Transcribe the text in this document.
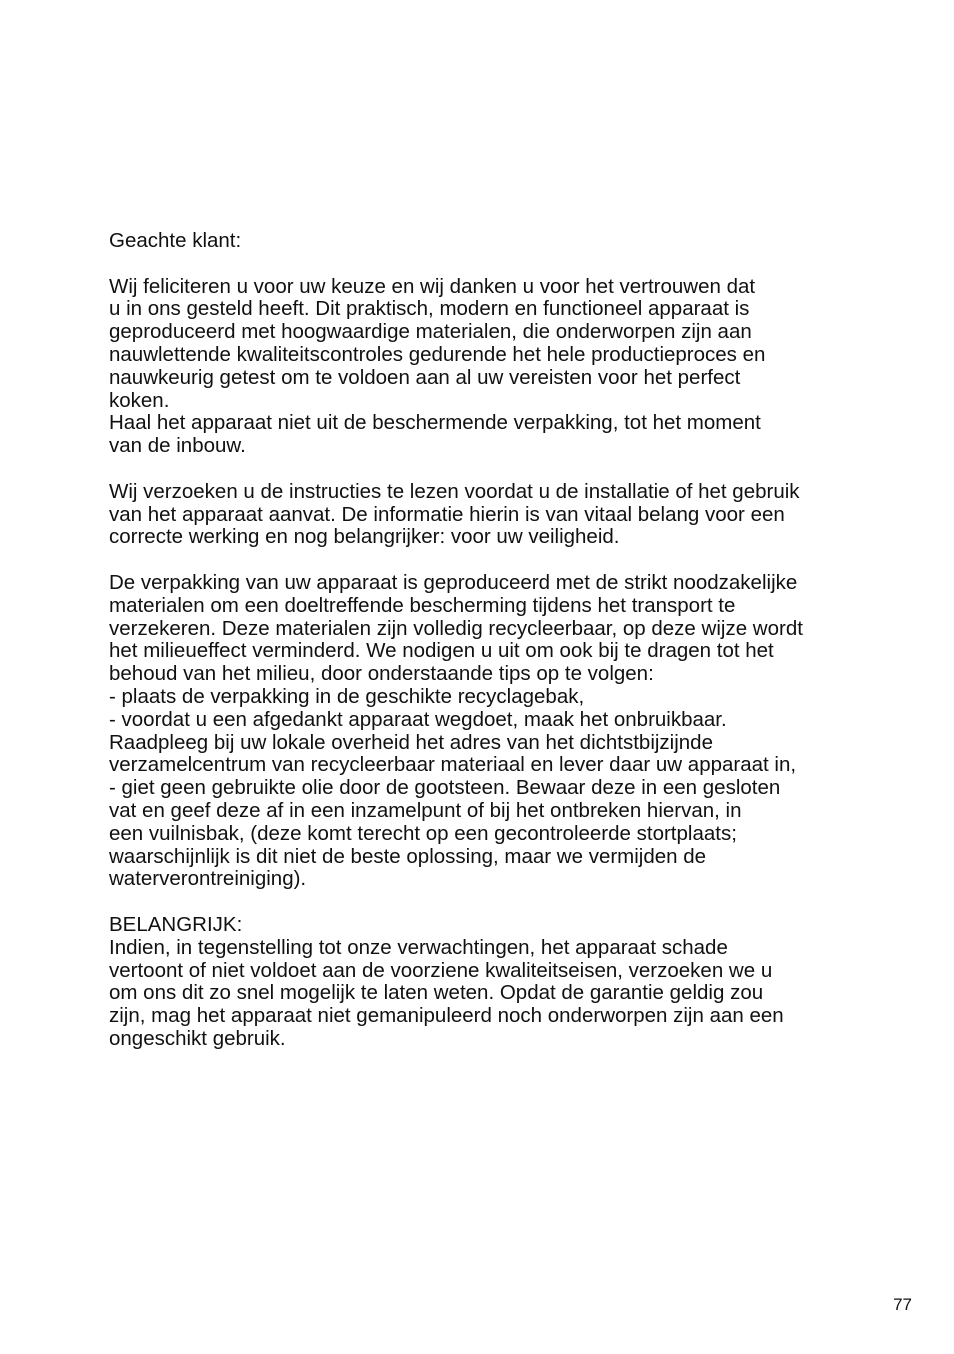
Geachte klant:

Wij feliciteren u voor uw keuze en wij danken u voor het vertrouwen dat
u in ons gesteld heeft. Dit praktisch, modern en functioneel apparaat is
geproduceerd met hoogwaardige materialen, die onderworpen zijn aan
nauwlettende kwaliteitscontroles gedurende het hele productieproces en
nauwkeurig getest om te voldoen aan al uw vereisten voor het perfect
koken.
Haal het apparaat niet uit de beschermende verpakking, tot het moment
van de inbouw.

Wij verzoeken u de instructies te lezen voordat u de installatie of het gebruik
van het apparaat aanvat. De informatie hierin is van vitaal belang voor een
correcte werking en nog belangrijker: voor uw veiligheid.

De verpakking van uw apparaat is geproduceerd met de strikt noodzakelijke
materialen om een doeltreffende bescherming tijdens het transport te
verzekeren. Deze materialen zijn volledig recycleerbaar, op deze wijze wordt
het milieueffect verminderd. We nodigen u uit om ook bij te dragen tot het
behoud van het milieu, door onderstaande tips op te volgen:
- plaats de verpakking in de geschikte recyclagebak,
- voordat u een afgedankt apparaat wegdoet, maak het onbruikbaar.
Raadpleeg bij uw lokale overheid het adres van het dichtstbijzijnde
verzamelcentrum van recycleerbaar materiaal en lever daar uw apparaat in,
- giet geen gebruikte olie door de gootsteen. Bewaar deze in een gesloten
vat en geef deze af in een inzamelpunt of bij het ontbreken hiervan, in
een vuilnisbak, (deze komt terecht op een gecontroleerde stortplaats;
waarschijnlijk is dit niet de beste oplossing, maar we vermijden de
waterverontreiniging).

BELANGRIJK:
Indien, in tegenstelling tot onze verwachtingen, het apparaat schade
vertoont of niet voldoet aan de voorziene kwaliteitseisen, verzoeken we u
om ons dit zo snel mogelijk te laten weten. Opdat de garantie geldig zou
zijn, mag het apparaat niet gemanipuleerd noch onderworpen zijn aan een
ongeschikt gebruik.

77
